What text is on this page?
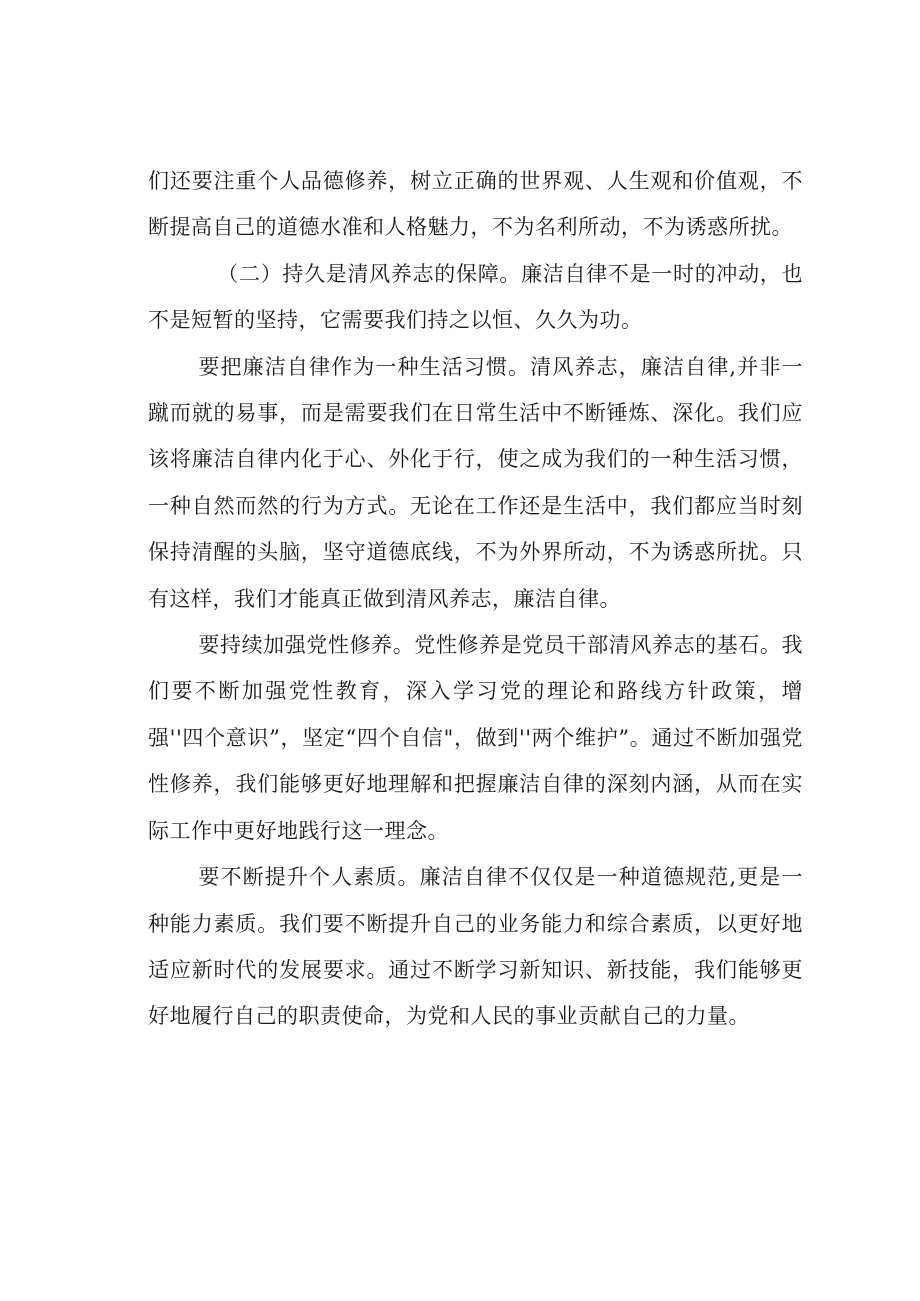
们还要注重个人品德修养，树立正确的世界观、人生观和价值观，不断提高自己的道德水准和人格魅力，不为名利所动，不为诱惑所扰。

（二）持久是清风养志的保障。廉洁自律不是一时的冲动，也不是短暂的坚持，它需要我们持之以恒、久久为功。

要把廉洁自律作为一种生活习惯。清风养志，廉洁自律,并非一蹴而就的易事，而是需要我们在日常生活中不断锤炼、深化。我们应该将廉洁自律内化于心、外化于行，使之成为我们的一种生活习惯，一种自然而然的行为方式。无论在工作还是生活中，我们都应当时刻保持清醒的头脑，坚守道德底线，不为外界所动，不为诱惑所扰。只有这样，我们才能真正做到清风养志，廉洁自律。

要持续加强党性修养。党性修养是党员干部清风养志的基石。我们要不断加强党性教育，深入学习党的理论和路线方针政策，增强''四个意识”，坚定“四个自信"，做到''两个维护”。通过不断加强党性修养，我们能够更好地理解和把握廉洁自律的深刻内涵，从而在实际工作中更好地践行这一理念。

要不断提升个人素质。廉洁自律不仅仅是一种道德规范,更是一种能力素质。我们要不断提升自己的业务能力和综合素质，以更好地适应新时代的发展要求。通过不断学习新知识、新技能，我们能够更好地履行自己的职责使命，为党和人民的事业贡献自己的力量。
